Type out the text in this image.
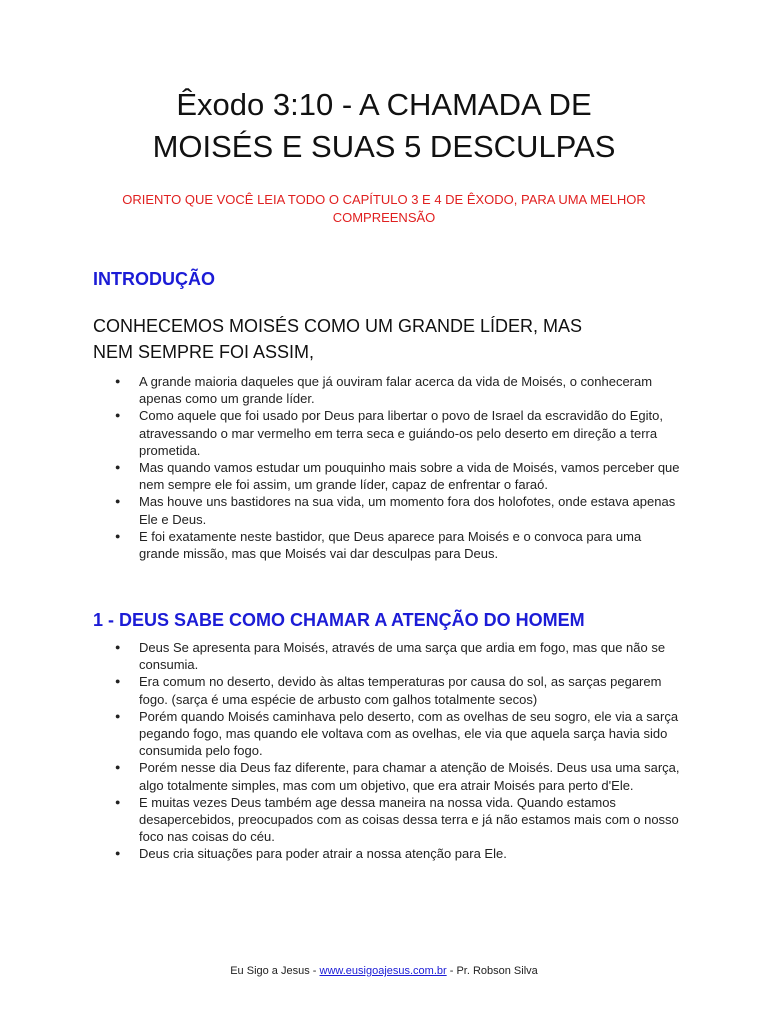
Êxodo 3:10 - A CHAMADA DE
MOISÉS E SUAS 5 DESCULPAS

ORIENTO QUE VOCÊ LEIA TODO O CAPÍTULO 3 E 4 DE ÊXODO, PARA UMA MELHOR COMPREENSÃO

INTRODUÇÃO

CONHECEMOS MOISÉS COMO UM GRANDE LÍDER, MAS
NEM SEMPRE FOI ASSIM,

● A grande maioria daqueles que já ouviram falar acerca da vida de Moisés, o conheceram apenas como um grande líder.
● Como aquele que foi usado por Deus para libertar o povo de Israel da escravidão do Egito, atravessando o mar vermelho em terra seca e guiándo-os pelo deserto em direção a terra prometida.
● Mas quando vamos estudar um pouquinho mais sobre a vida de Moisés, vamos perceber que nem sempre ele foi assim, um grande líder, capaz de enfrentar o faraó.
● Mas houve uns bastidores na sua vida, um momento fora dos holofotes, onde estava apenas Ele e Deus.
● E foi exatamente neste bastidor, que Deus aparece para Moisés e o convoca para uma grande missão, mas que Moisés vai dar desculpas para Deus.
1 - DEUS SABE COMO CHAMAR A ATENÇÃO DO HOMEM
● Deus Se apresenta para Moisés, através de uma sarça que ardia em fogo, mas que não se consumia.
● Era comum no deserto, devido às altas temperaturas por causa do sol, as sarças pegarem fogo. (sarça é uma espécie de arbusto com galhos totalmente secos)
● Porém quando Moisés caminhava pelo deserto, com as ovelhas de seu sogro, ele via a sarça pegando fogo, mas quando ele voltava com as ovelhas, ele via que aquela sarça havia sido consumida pelo fogo.
● Porém nesse dia Deus faz diferente, para chamar a atenção de Moisés. Deus usa uma sarça, algo totalmente simples, mas com um objetivo, que era atrair Moisés para perto d'Ele.
● E muitas vezes Deus também age dessa maneira na nossa vida. Quando estamos desapercebidos, preocupados com as coisas dessa terra e já não estamos mais com o nosso foco nas coisas do céu.
● Deus cria situações para poder atrair a nossa atenção para Ele.
Eu Sigo a Jesus - www.eusigoajesus.com.br - Pr. Robson Silva
